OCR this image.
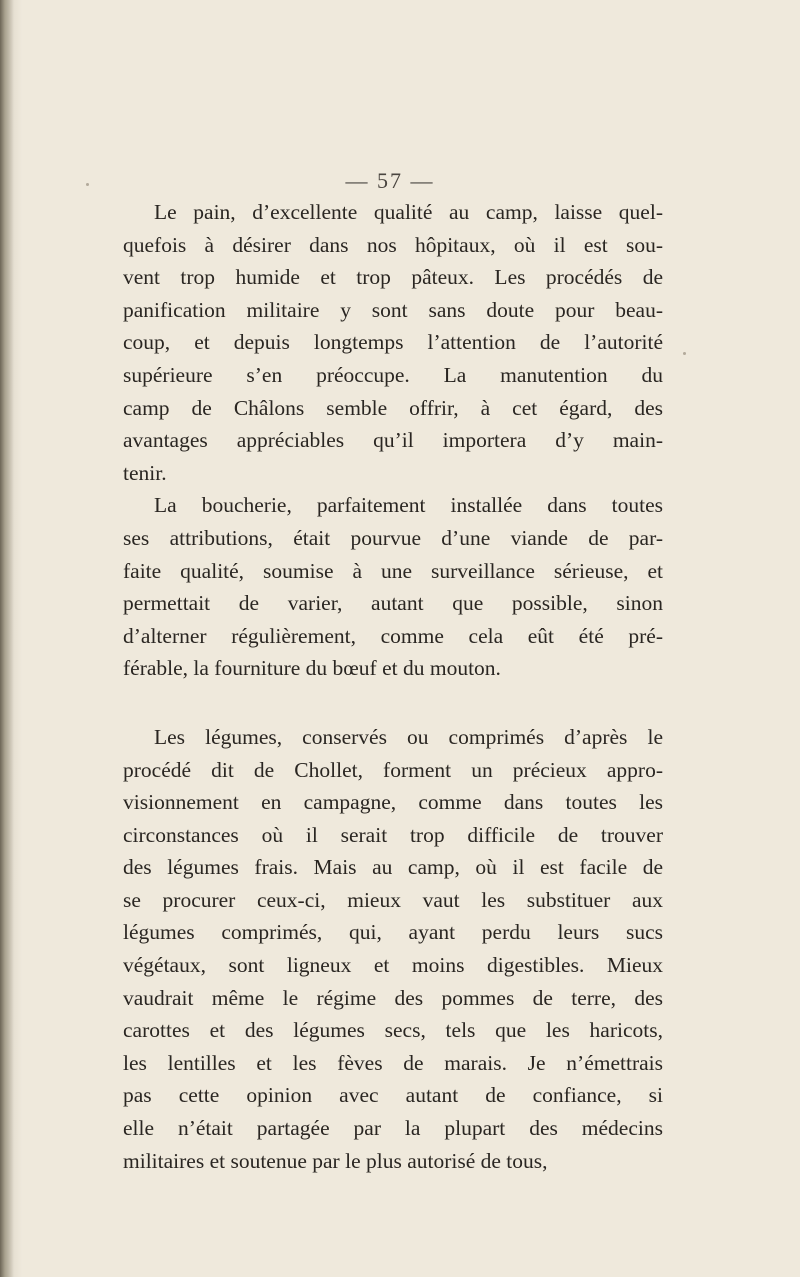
— 57 —
Le pain, d’excellente qualité au camp, laisse quel-
quefois à désirer dans nos hôpitaux, où il est sou-
vent trop humide et trop pâteux. Les procédés de
panification militaire y sont sans doute pour beau-
coup, et depuis longtemps l’attention de l’autorité
supérieure s’en préoccupe. La manutention du
camp de Châlons semble offrir, à cet égard, des
avantages appréciables qu’il importera d’y main-
tenir.
La boucherie, parfaitement installée dans toutes
ses attributions, était pourvue d’une viande de par-
faite qualité, soumise à une surveillance sérieuse, et
permettait de varier, autant que possible, sinon
d’alterner régulièrement, comme cela eût été pré-
férable, la fourniture du bœuf et du mouton.
Les légumes, conservés ou comprimés d’après le
procédé dit de Chollet, forment un précieux appro-
visionnement en campagne, comme dans toutes les
circonstances où il serait trop difficile de trouver
des légumes frais. Mais au camp, où il est facile de
se procurer ceux-ci, mieux vaut les substituer aux
légumes comprimés, qui, ayant perdu leurs sucs
végétaux, sont ligneux et moins digestibles. Mieux
vaudrait même le régime des pommes de terre, des
carottes et des légumes secs, tels que les haricots,
les lentilles et les fèves de marais. Je n’émettrais
pas cette opinion avec autant de confiance, si
elle n’était partagée par la plupart des médecins
militaires et soutenue par le plus autorisé de tous,
